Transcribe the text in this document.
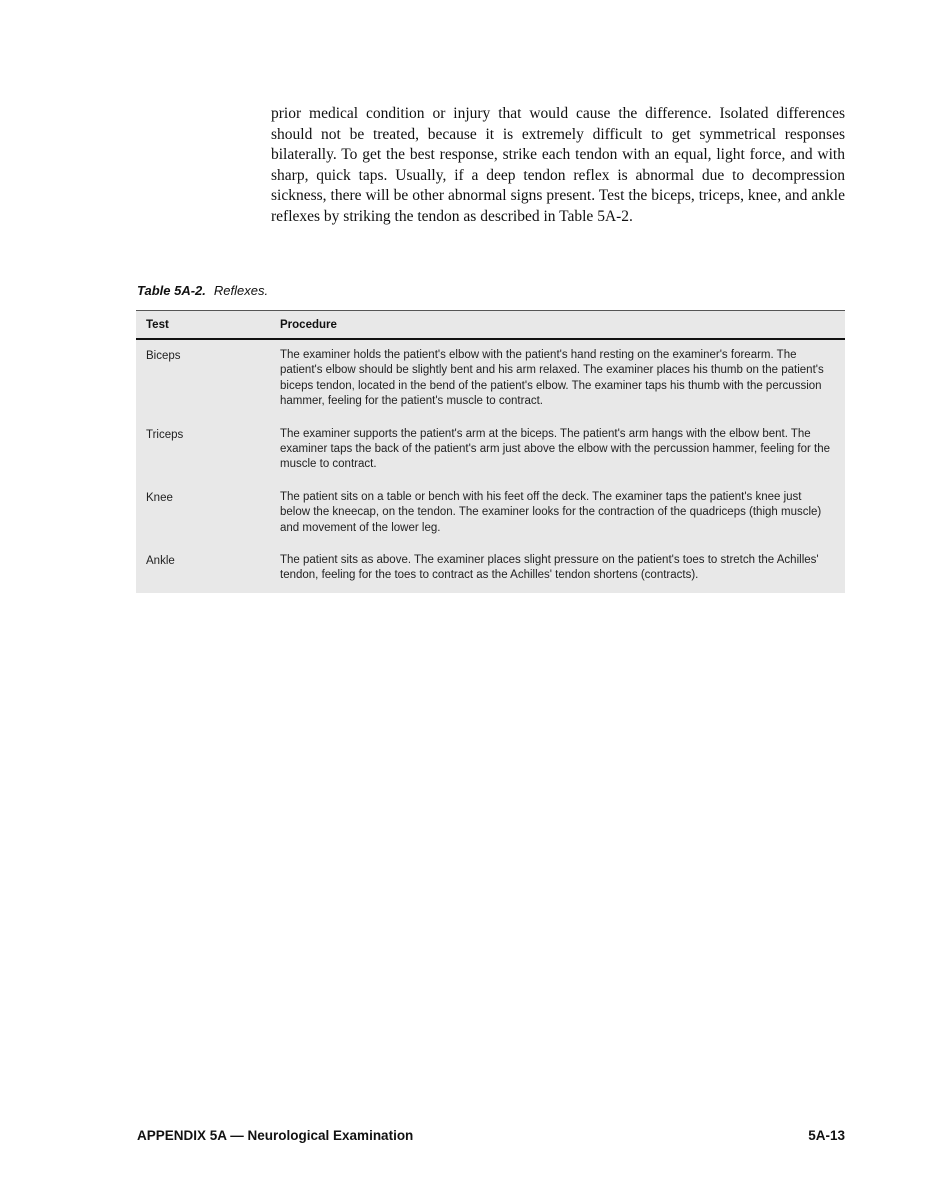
prior medical condition or injury that would cause the difference. Isolated differences should not be treated, because it is extremely difficult to get symmetrical responses bilaterally. To get the best response, strike each tendon with an equal, light force, and with sharp, quick taps. Usually, if a deep tendon reflex is abnormal due to decompression sickness, there will be other abnormal signs present. Test the biceps, triceps, knee, and ankle reflexes by striking the tendon as described in Table 5A-2.
Table 5A-2. Reflexes.
Test	Procedure
Biceps	The examiner holds the patient's elbow with the patient's hand resting on the examiner's forearm. The patient's elbow should be slightly bent and his arm relaxed. The examiner places his thumb on the patient's biceps tendon, located in the bend of the patient's elbow. The examiner taps his thumb with the percussion hammer, feeling for the patient's muscle to contract.
Triceps	The examiner supports the patient's arm at the biceps. The patient's arm hangs with the elbow bent. The examiner taps the back of the patient's arm just above the elbow with the percussion hammer, feeling for the muscle to contract.
Knee	The patient sits on a table or bench with his feet off the deck. The examiner taps the patient's knee just below the kneecap, on the tendon. The examiner looks for the contraction of the quadriceps (thigh muscle) and movement of the lower leg.
Ankle	The patient sits as above. The examiner places slight pressure on the patient's toes to stretch the Achilles' tendon, feeling for the toes to contract as the Achilles' tendon shortens (contracts).
APPENDIX 5A — Neurological Examination	5A-13
